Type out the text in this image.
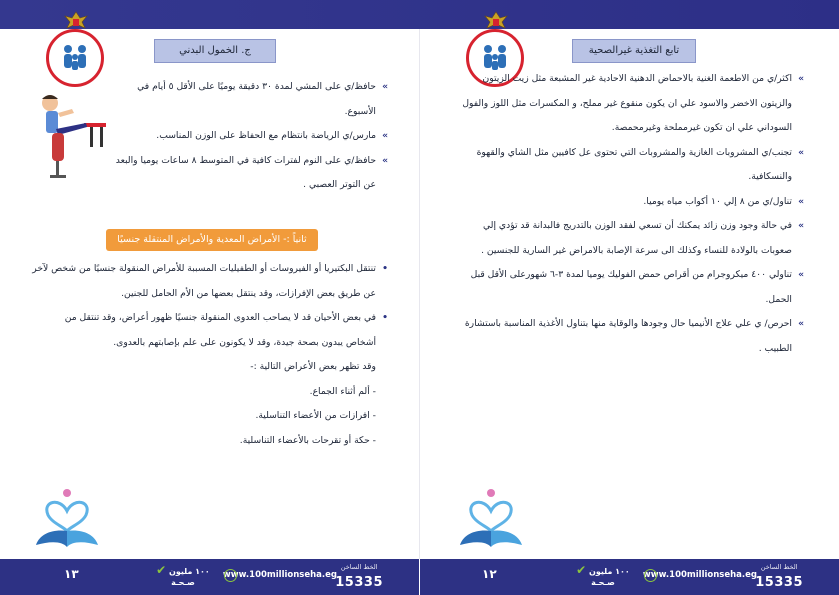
ج. الخمول البدني
»

حافظ/ي على المشي لمدة ٣٠ دقيقة يوميًا على الأقل ٥ أيام في الأسبوع.

»

مارس/ي الرياضة بانتظام مع الحفاظ على الوزن المناسب.

»

حافظ/ي على النوم لفترات كافية في المتوسط ٨ ساعات يوميا والبعد عن التوتر العصبي .

ثانياً :- الأمراض المعدية والأمراض المنتقلة جنسيًا
•

تنتقل البكتيريا أو الفيروسات أو الطفيليات المسببة للأمراض المنقولة جنسيًا من شخص لآخر عن طريق بعض الإفرازات، وقد ينتقل بعضها من الأم الحامل للجنين.

•

في بعض الأحيان قد لا يصاحب العدوى المنقولة جنسيًا ظهور أعراض، وقد تنتقل من أشخاص يبدون بصحة جيدة، وقد لا يكونون على علم بإصابتهم بالعدوى.

وقد تظهر بعض الأعراض التالية :-

- ألم أثناء الجماع.

- افرازات من الأعضاء التناسلية.

- حكة أو تقرحات بالأعضاء التناسلية.

تابع التغذية غيرالصحية
»

اكثر/ي من الاطعمة الغنية بالاحماض الدهنية الاحادية غير المشبعة مثل زيت الزيتون والزيتون الاخضر والاسود علي ان يكون منقوع غير مملح، و المكسرات مثل اللوز والفول السوداني علي ان تكون غيرمملحة وغيرمحمصة.

»

تجنب/ي المشروبات الغازية والمشروبات التي تحتوى عل كافيين مثل الشاي والقهوة والنسكافية.

»

تناول/ي من ٨ إلي ١٠ أكواب مياه يوميا.

»

في حالة وجود وزن زائد يمكنك أن تسعي لفقد الوزن بالتدريج فالبدانة قد تؤدي إلي صعوبات بالولادة للنساء وكذلك الى سرعة الإصابة بالامراض غير السارية للجنسين .

»

تناولي ٤٠٠ ميكروجرام من أقراص حمض الفوليك يوميا لمدة ٣-٦ شهورعلى الأقل قبل الحمل.

»

احرص/ ي علي علاج الأنيميا حال وجودها والوقاية منها بتناول الأغذية المناسبة باستشارة الطبيب .

الخط الساخن
15335
www.100millionseha.eg
✔ ١٠٠ مليون
صـحـة
١٣	الخط الساخن
15335
www.100millionseha.eg
✔ ١٠٠ مليون
صـحـة
١٢
